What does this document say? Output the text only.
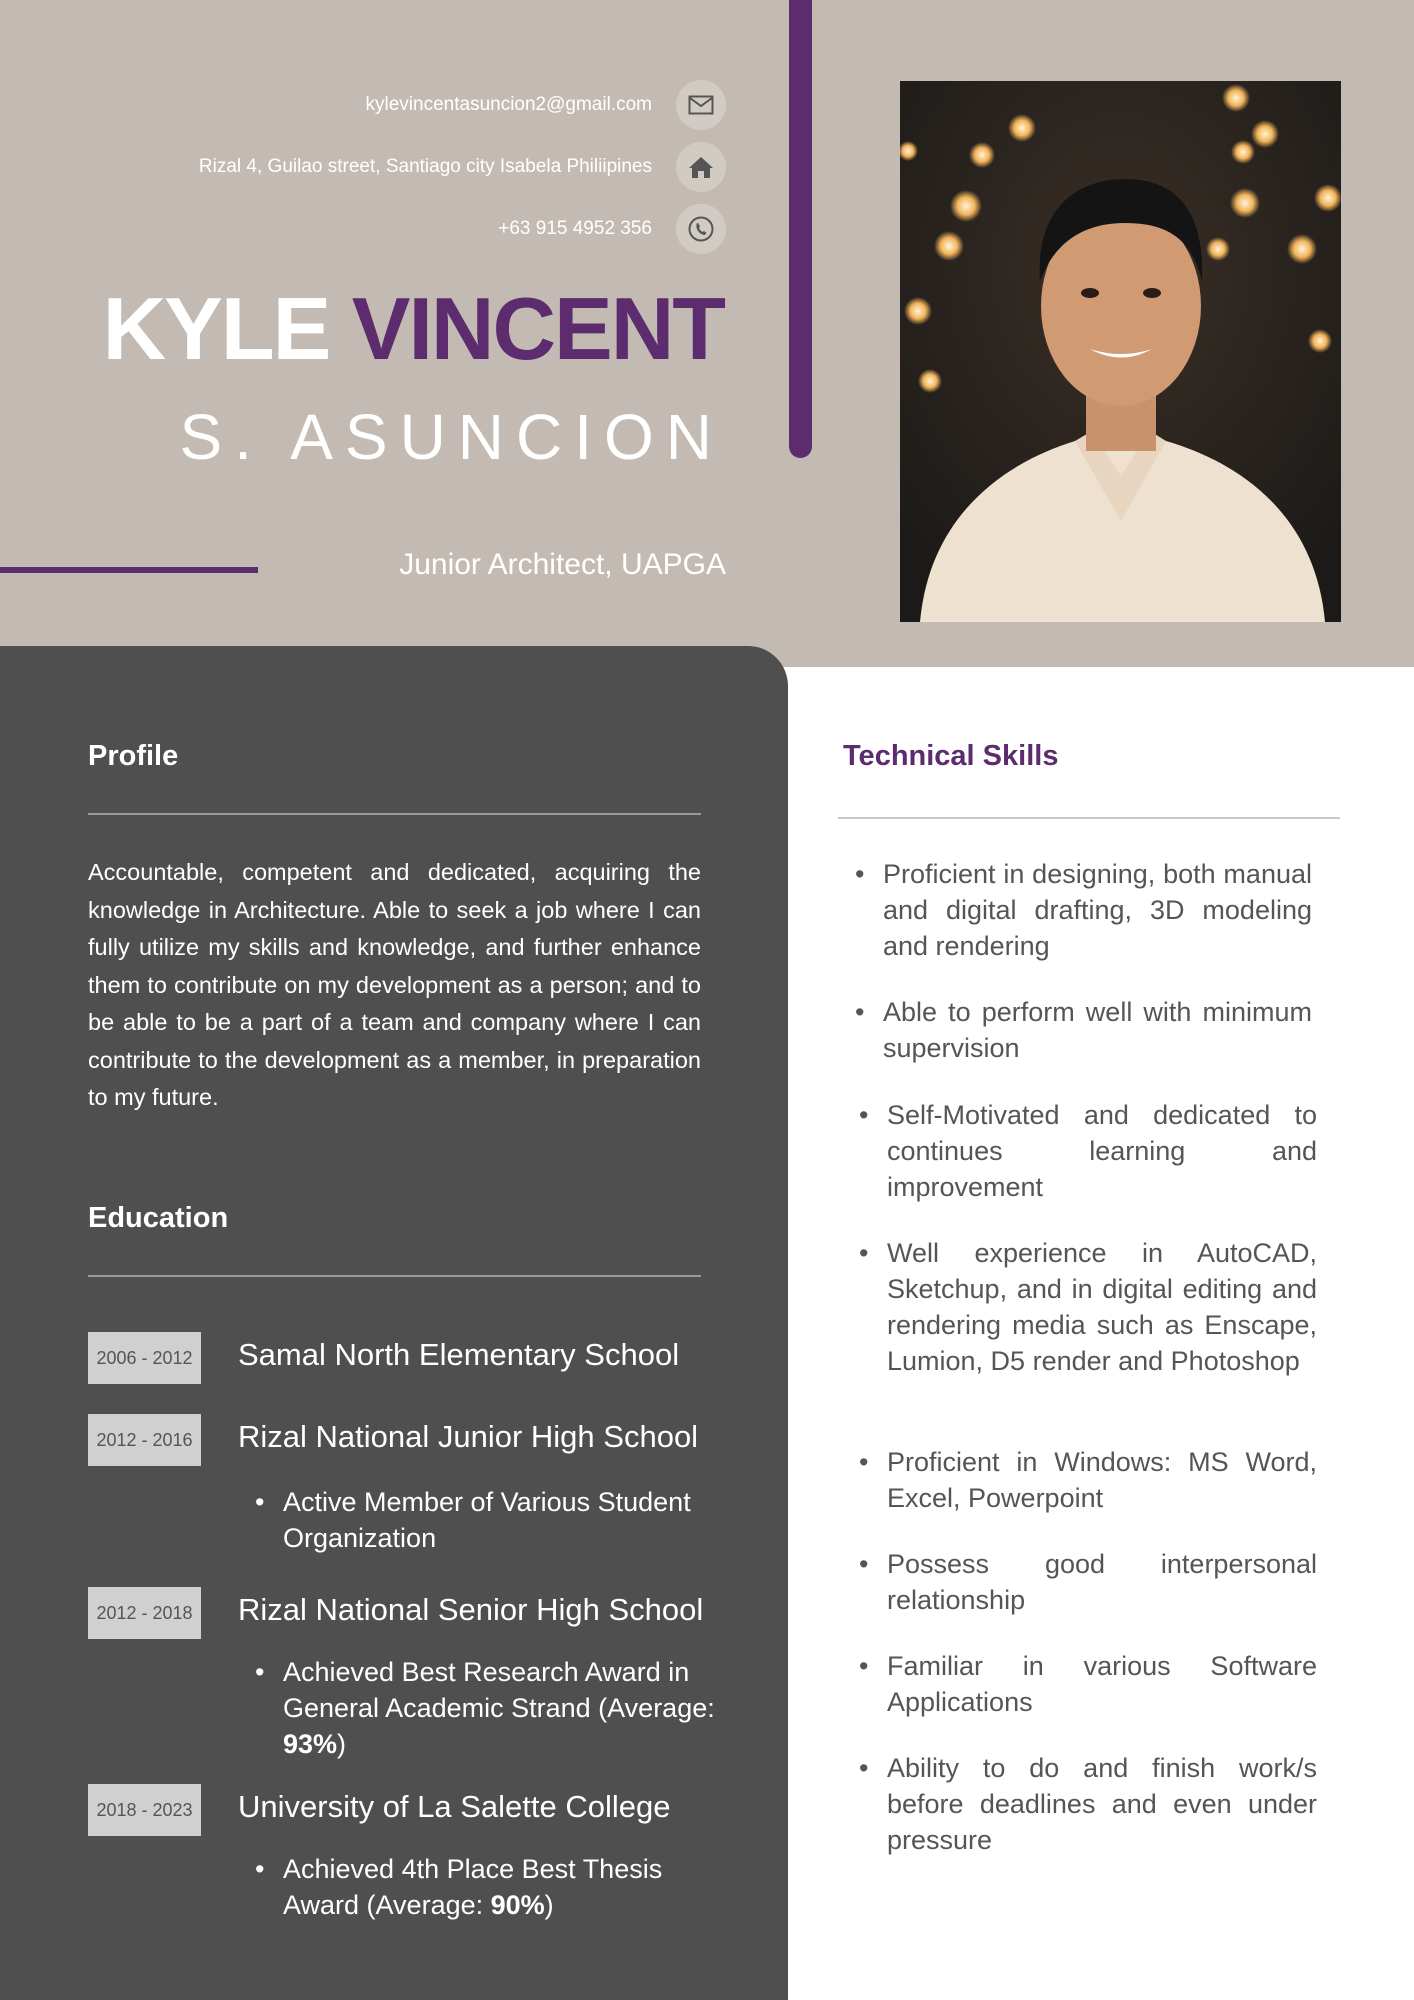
kylevincentasuncion2@gmail.com
Rizal 4, Guilao street, Santiago city Isabela Philiipines
+63 915 4952 356
KYLE VINCENT
S. ASUNCION
Junior Architect, UAPGA
Profile
Accountable, competent and dedicated, acquiring the knowledge in Architecture. Able to seek a job where I can fully utilize my skills and knowledge, and further enhance them to contribute on my development as a person; and to be able to be a part of a team and company where I can contribute to the development as a member, in preparation to my future.
Education
2006 - 2012 Samal North Elementary School
2012 - 2016 Rizal National Junior High School
• Active Member of Various Student Organization
2012 - 2018 Rizal National Senior High School
• Achieved Best Research Award in General Academic Strand (Average: 93%)
2018 - 2023 University of La Salette College
• Achieved 4th Place Best Thesis Award (Average: 90%)
Technical Skills
• Proficient in designing, both manual and digital drafting, 3D modeling and rendering
• Able to perform well with minimum supervision
• Self-Motivated and dedicated to continues learning and improvement
• Well experience in AutoCAD, Sketchup, and in digital editing and rendering media such as Enscape, Lumion, D5 render and Photoshop
• Proficient in Windows: MS Word, Excel, Powerpoint
• Possess good interpersonal relationship
• Familiar in various Software Applications
• Ability to do and finish work/s before deadlines and even under pressure
